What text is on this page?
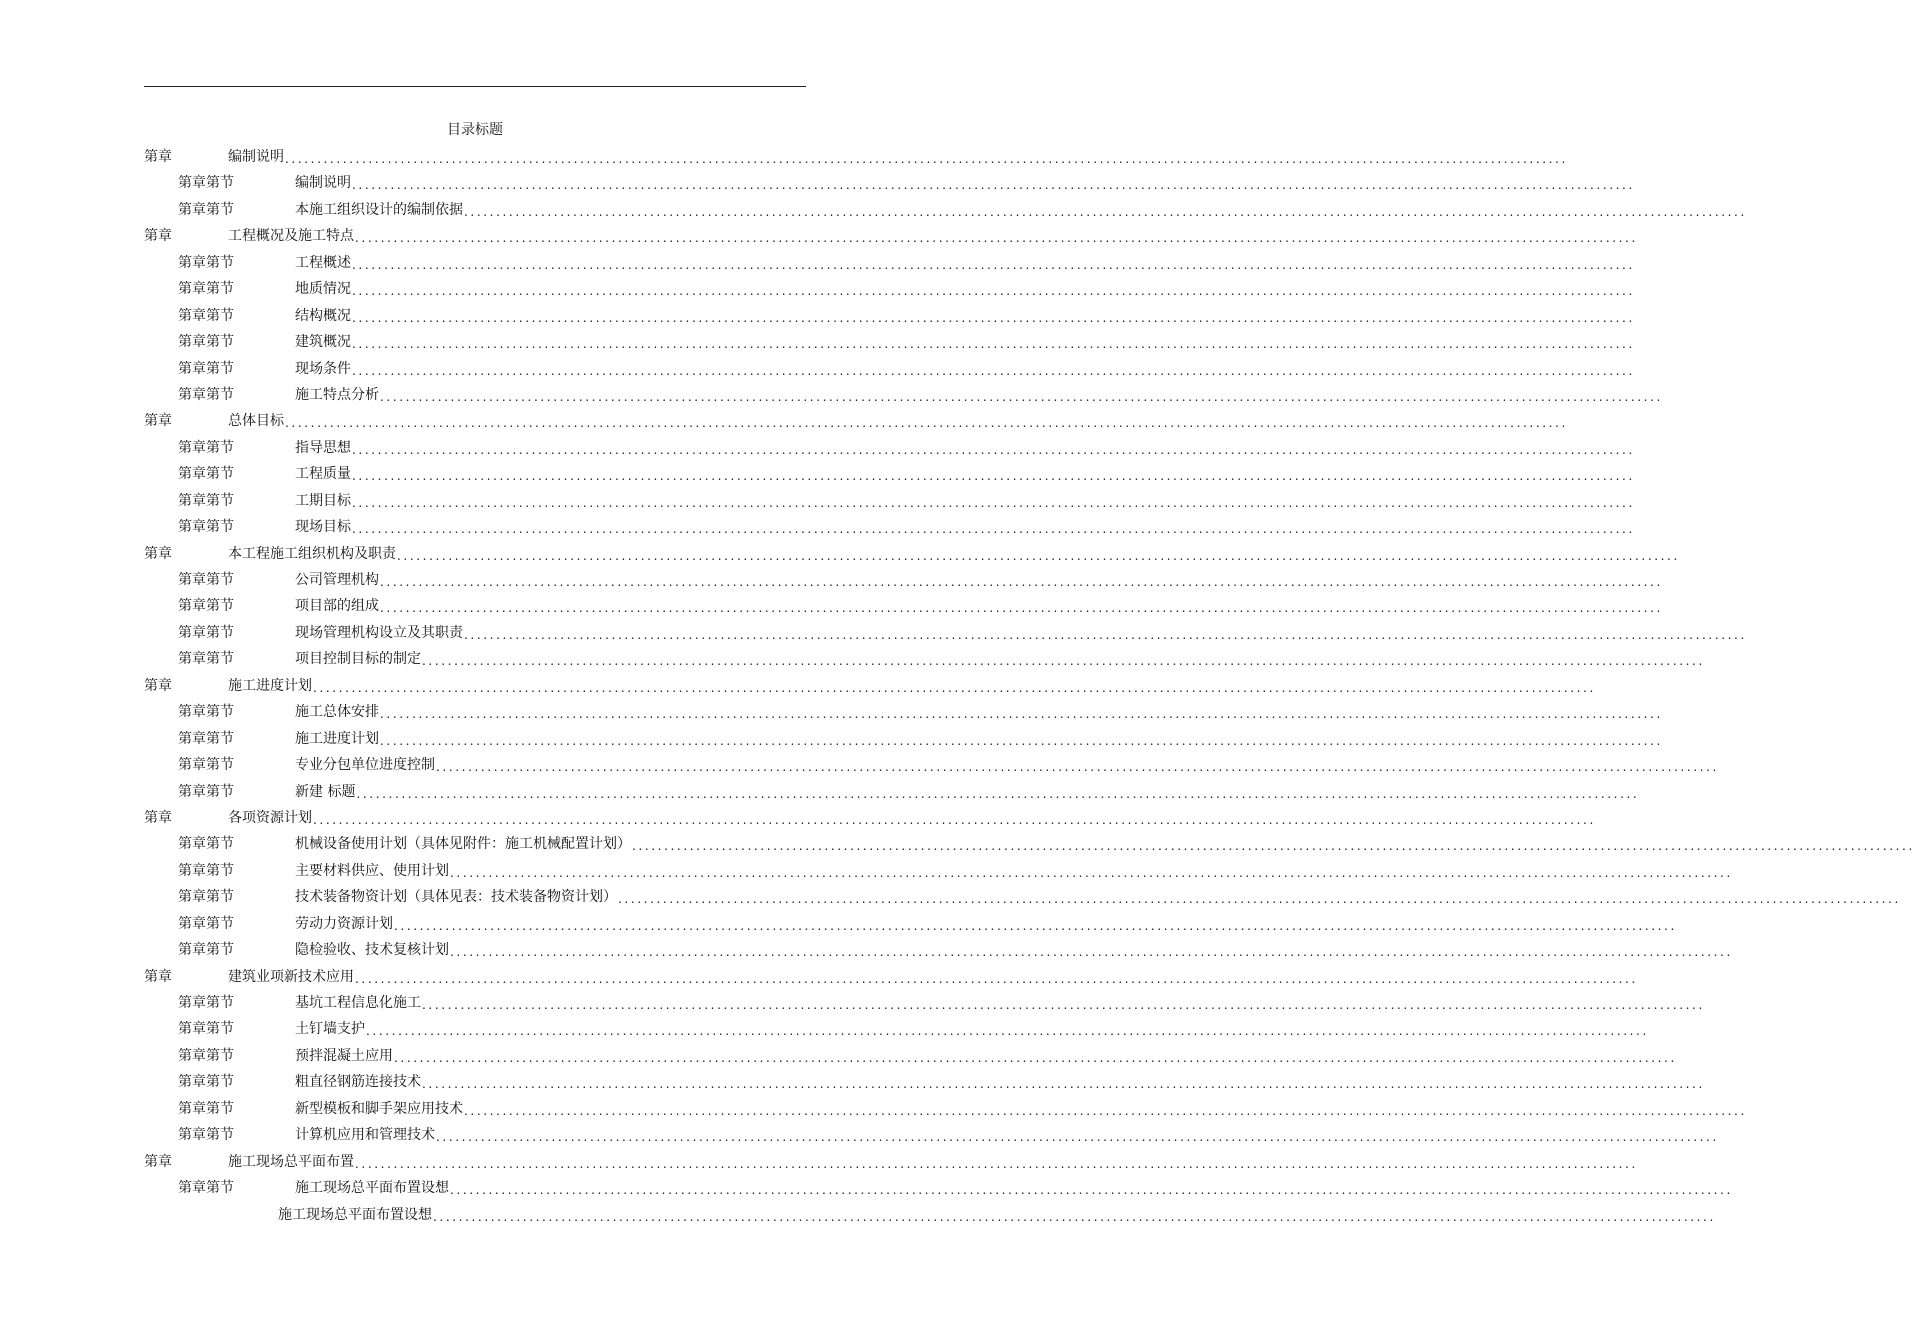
目录标题
第章	编制说明 ........................................................................................................................................................................................................
第章第节	编制说明 ........................................................................................................................................................................................................
第章第节	本施工组织设计的编制依据 ........................................................................................................................................................................................................
第章	工程概况及施工特点 ........................................................................................................................................................................................................
第章第节	工程概述 ........................................................................................................................................................................................................
第章第节	地质情况 ........................................................................................................................................................................................................
第章第节	结构概况 ........................................................................................................................................................................................................
第章第节	建筑概况 ........................................................................................................................................................................................................
第章第节	现场条件 ........................................................................................................................................................................................................
第章第节	施工特点分析 ........................................................................................................................................................................................................
第章	总体目标 ........................................................................................................................................................................................................
第章第节	指导思想 ........................................................................................................................................................................................................
第章第节	工程质量 ........................................................................................................................................................................................................
第章第节	工期目标 ........................................................................................................................................................................................................
第章第节	现场目标 ........................................................................................................................................................................................................
第章	本工程施工组织机构及职责 ........................................................................................................................................................................................................
第章第节	公司管理机构 ........................................................................................................................................................................................................
第章第节	项目部的组成 ........................................................................................................................................................................................................
第章第节	现场管理机构设立及其职责 ........................................................................................................................................................................................................
第章第节	项目控制目标的制定 ........................................................................................................................................................................................................
第章	施工进度计划 ........................................................................................................................................................................................................
第章第节	施工总体安排 ........................................................................................................................................................................................................
第章第节	施工进度计划 ........................................................................................................................................................................................................
第章第节	专业分包单位进度控制 ........................................................................................................................................................................................................
第章第节	新建 标题 ........................................................................................................................................................................................................
第章	各项资源计划 ........................................................................................................................................................................................................
第章第节	机械设备使用计划（具体见附件：施工机械配置计划） ........................................................................................................................................................................................................
第章第节	主要材料供应、使用计划 ........................................................................................................................................................................................................
第章第节	技术装备物资计划（具体见表：技术装备物资计划） ........................................................................................................................................................................................................
第章第节	劳动力资源计划 ........................................................................................................................................................................................................
第章第节	隐检验收、技术复核计划 ........................................................................................................................................................................................................
第章	建筑业项新技术应用 ........................................................................................................................................................................................................
第章第节	基坑工程信息化施工 ........................................................................................................................................................................................................
第章第节	土钉墙支护 ........................................................................................................................................................................................................
第章第节	预拌混凝土应用 ........................................................................................................................................................................................................
第章第节	粗直径钢筋连接技术 ........................................................................................................................................................................................................
第章第节	新型模板和脚手架应用技术 ........................................................................................................................................................................................................
第章第节	计算机应用和管理技术 ........................................................................................................................................................................................................
第章	施工现场总平面布置 ........................................................................................................................................................................................................
第章第节	施工现场总平面布置设想 ........................................................................................................................................................................................................
施工现场总平面布置设想 ........................................................................................................................................................................................................
